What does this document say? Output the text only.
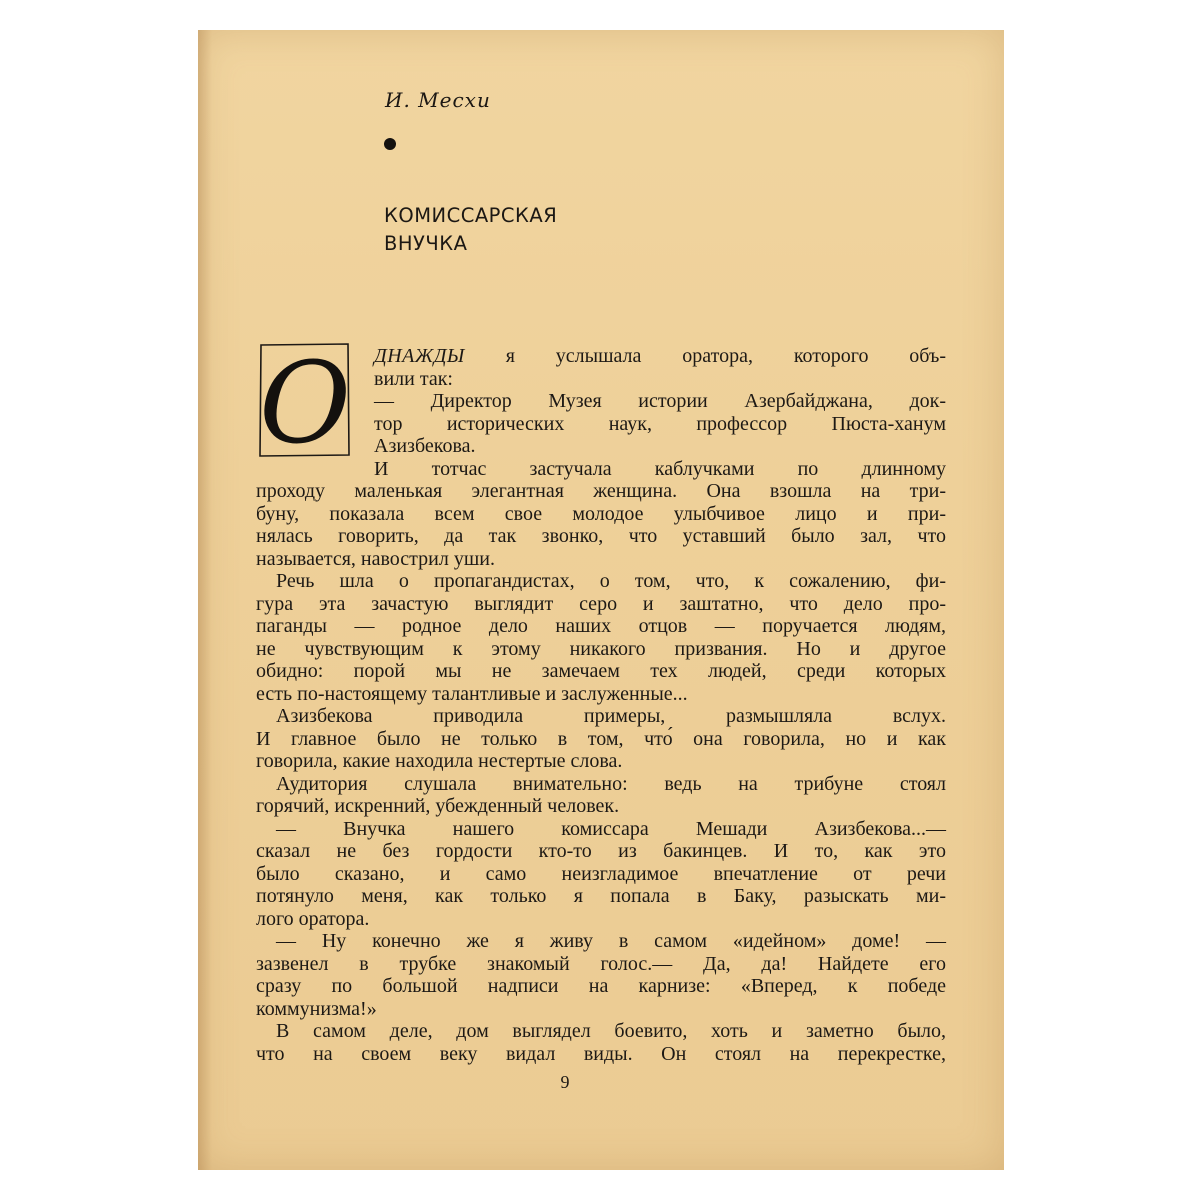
И. Месхи

КОМИССАРСКАЯ
ВНУЧКА
О ДНАЖДЫ я услышала оратора, которого объ-
вили так:
— Директор Музея истории Азербайджана, док-
тор исторических наук, профессор Пюста-ханум
Азизбекова.
И тотчас застучала каблучками по длинному
проходу маленькая элегантная женщина. Она взошла на три-
буну, показала всем свое молодое улыбчивое лицо и при-
нялась говорить, да так звонко, что уставший было зал, что
называется, навострил уши.
Речь шла о пропагандистах, о том, что, к сожалению, фи-
гура эта зачастую выглядит серо и заштатно, что дело про-
паганды — родное дело наших отцов — поручается людям,
не чувствующим к этому никакого призвания. Но и другое
обидно: порой мы не замечаем тех людей, среди которых
есть по-настоящему талантливые и заслуженные...
Азизбекова приводила примеры, размышляла вслух.
И главное было не только в том, что́ она говорила, но и как
говорила, какие находила нестертые слова.
Аудитория слушала внимательно: ведь на трибуне стоял
горячий, искренний, убежденный человек.
— Внучка нашего комиссара Мешади Азизбекова...—
сказал не без гордости кто-то из бакинцев. И то, как это
было сказано, и само неизгладимое впечатление от речи
потянуло меня, как только я попала в Баку, разыскать ми-
лого оратора.
— Ну конечно же я живу в самом «идейном» доме! —
зазвенел в трубке знакомый голос.— Да, да! Найдете его
сразу по большой надписи на карнизе: «Вперед, к победе
коммунизма!»
В самом деле, дом выглядел боевито, хоть и заметно было,
что на своем веку видал виды. Он стоял на перекрестке,

9
